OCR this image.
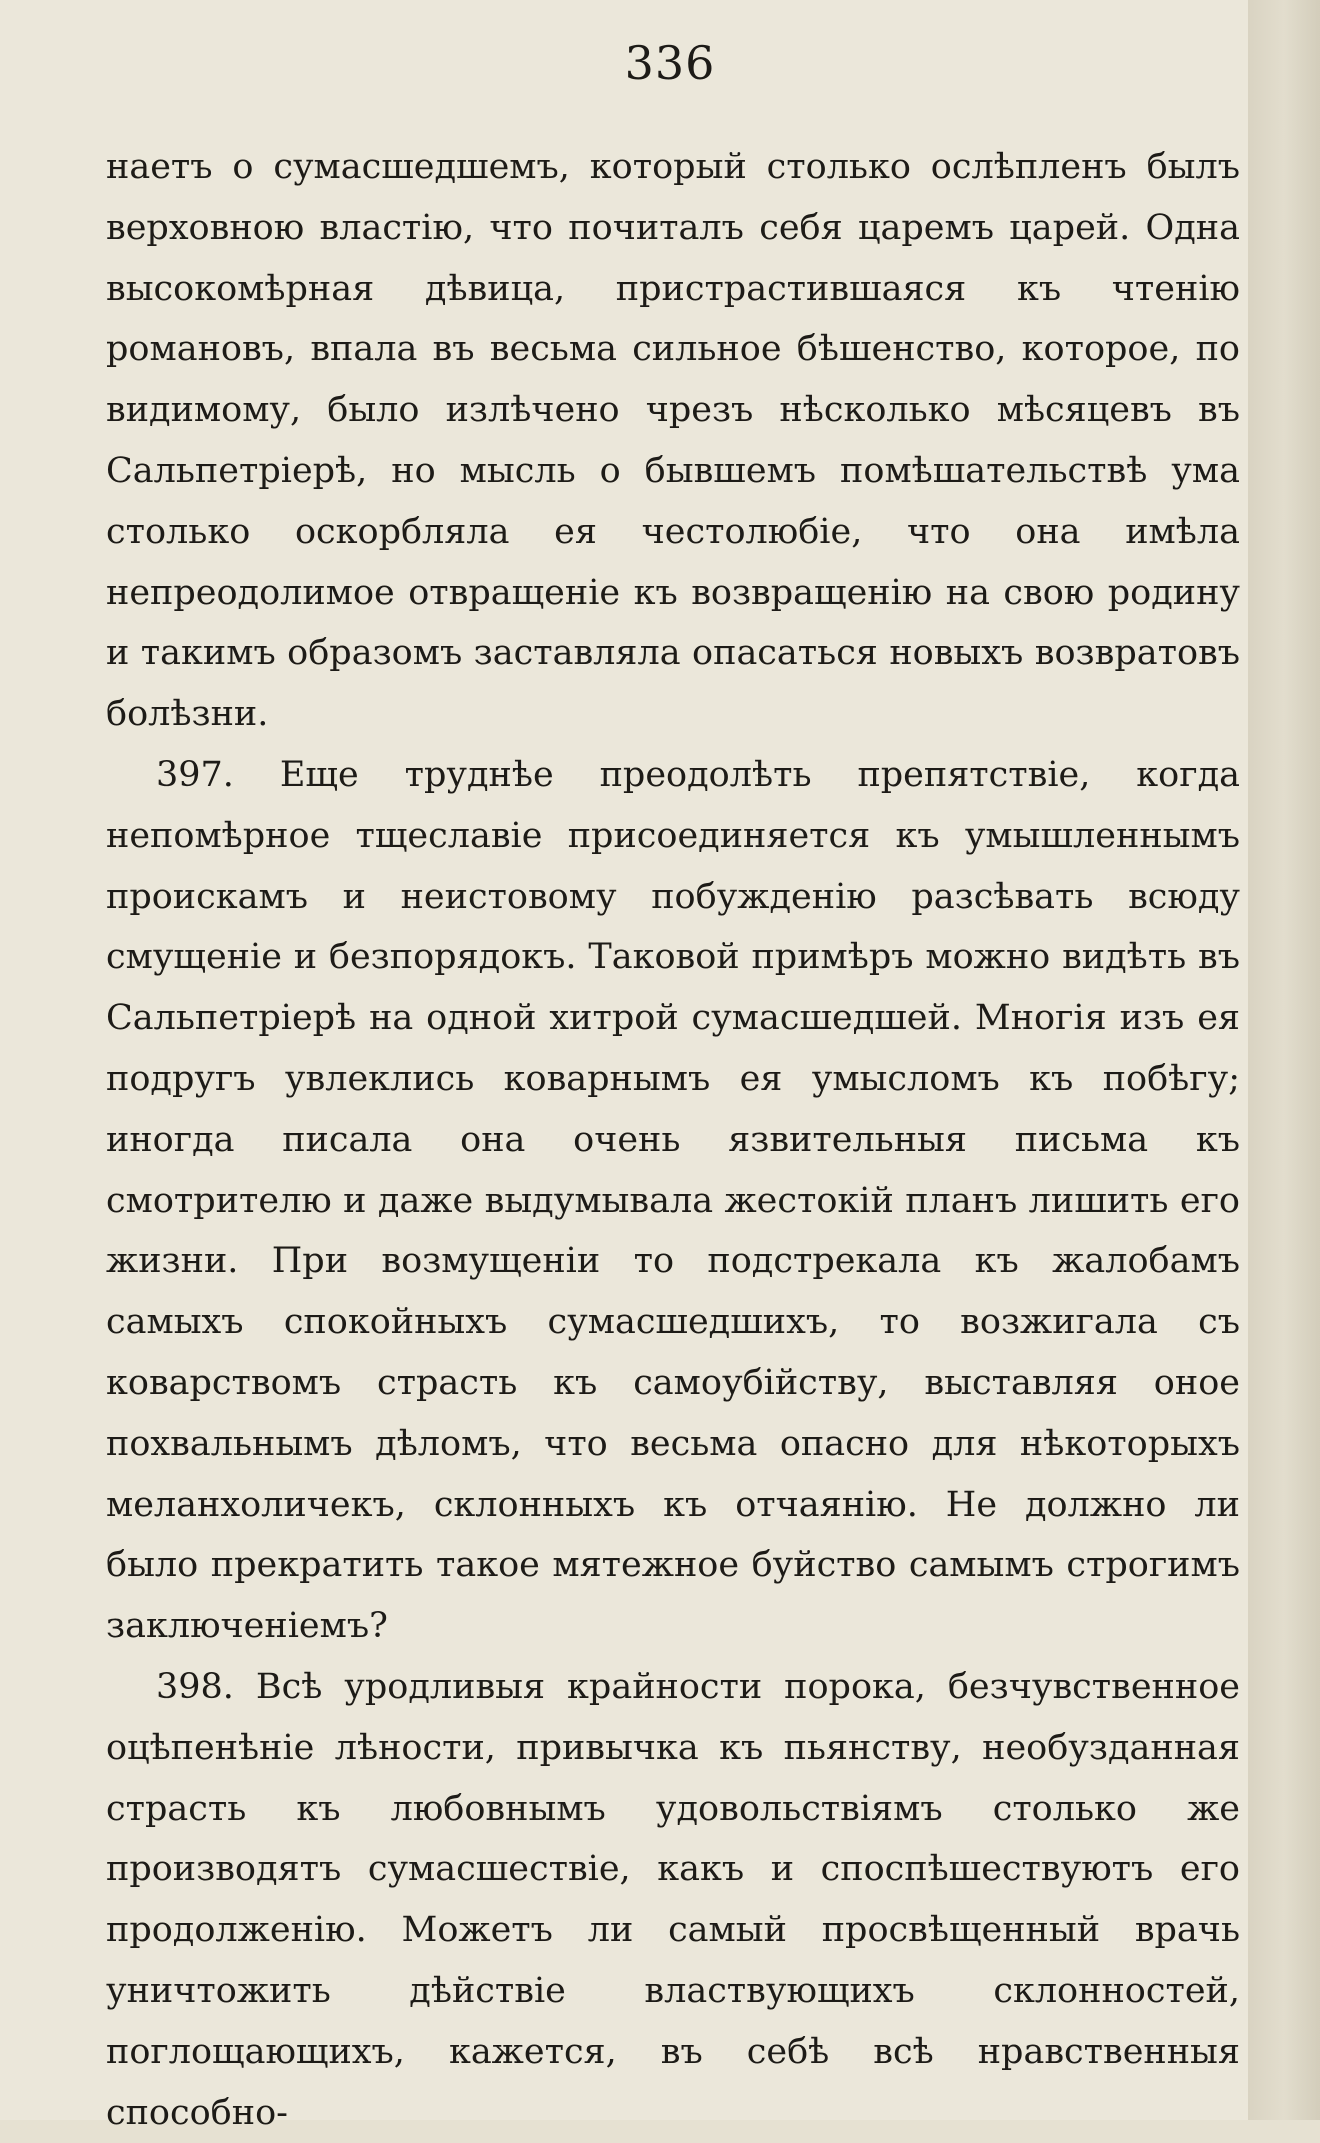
336

наетъ о сумасшедшемъ, который столько ослѣпленъ былъ верховною властію, что почиталъ себя царемъ царей. Одна высокомѣрная дѣвица, пристрастившаяся къ чтенію романовъ, впала въ весьма сильное бѣшенство, которое, по видимому, было излѣчено чрезъ нѣсколько мѣсяцевъ въ Сальпетріерѣ, но мысль о бывшемъ помѣшательствѣ ума столько оскорбляла ея честолюбіе, что она имѣла непреодолимое отвращеніе къ возвращенію на свою родину и такимъ образомъ заставляла опасаться новыхъ возвратовъ болѣзни.

397. Еще труднѣе преодолѣть препятствіе, когда непомѣрное тщеславіе присоединяется къ умышленнымъ проискамъ и неистовому побужденію разсѣвать всюду смущеніе и безпорядокъ. Таковой примѣръ можно видѣть въ Сальпетріерѣ на одной хитрой сумасшедшей. Многія изъ ея подругъ увлеклись коварнымъ ея умысломъ къ побѣгу; иногда писала она очень язвительныя письма къ смотрителю и даже выдумывала жестокій планъ лишить его жизни. При возмущеніи то подстрекала къ жалобамъ самыхъ спокойныхъ сумасшедшихъ, то возжигала съ коварствомъ страсть къ самоубійству, выставляя оное похвальнымъ дѣломъ, что весьма опасно для нѣкоторыхъ меланхоличекъ, склонныхъ къ отчаянію. Не должно ли было прекратить такое мятежное буйство самымъ строгимъ заключеніемъ?

398. Всѣ уродливыя крайности порока, безчувственное оцѣпенѣніе лѣности, привычка къ пьянству, необузданная страсть къ любовнымъ удовольствіямъ столько же производятъ сумасшествіе, какъ и споспѣшествуютъ его продолженію. Можетъ ли самый просвѣщенный врачь уничтожить дѣйствіе властвующихъ склонностей, поглощающихъ, кажется, въ себѣ всѣ нравственныя способно-
